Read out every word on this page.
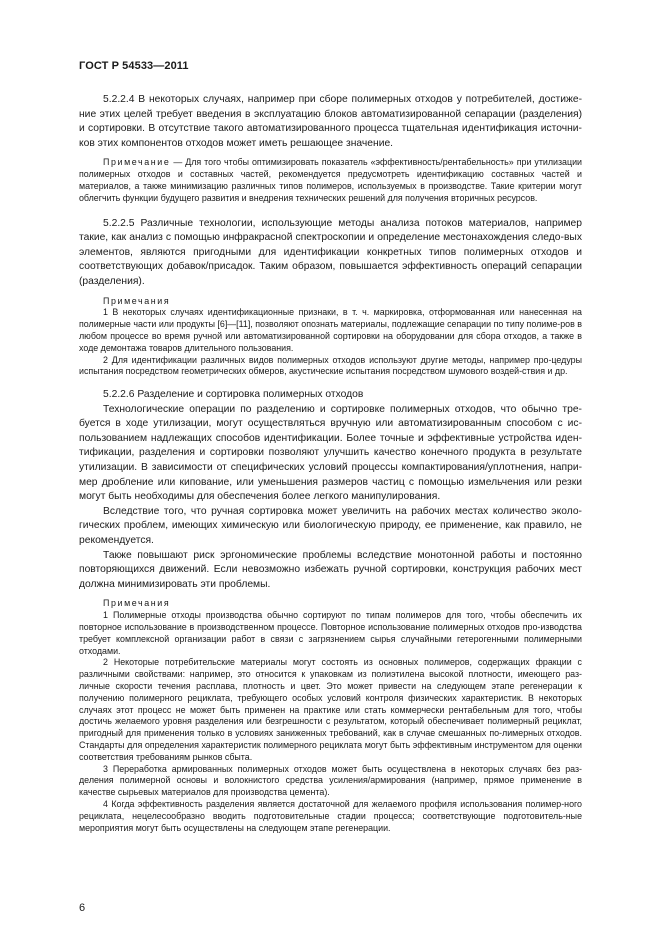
ГОСТ Р 54533—2011

5.2.2.4 В некоторых случаях, например при сборе полимерных отходов у потребителей, достиже-ние этих целей требует введения в эксплуатацию блоков автоматизированной сепарации (разделения) и сортировки. В отсутствие такого автоматизированного процесса тщательная идентификация источни-ков этих компонентов отходов может иметь решающее значение.

Примечание — Для того чтобы оптимизировать показатель «эффективность/рентабельность» при утилизации полимерных отходов и составных частей, рекомендуется предусмотреть идентификацию составных частей и материалов, а также минимизацию различных типов полимеров, используемых в производстве. Такие критерии могут облегчить функции будущего развития и внедрения технических решений для получения вторичных ресурсов.

5.2.2.5 Различные технологии, использующие методы анализа потоков материалов, например такие, как анализ с помощью инфракрасной спектроскопии и определение местонахождения следо-вых элементов, являются пригодными для идентификации конкретных типов полимерных отходов и соответствующих добавок/присадок. Таким образом, повышается эффективность операций сепарации (разделения).

Примечания

1 В некоторых случаях идентификационные признаки, в т. ч. маркировка, отформованная или нанесенная на полимерные части или продукты [6]—[11], позволяют опознать материалы, подлежащие сепарации по типу полиме-ров в любом процессе во время ручной или автоматизированной сортировки на оборудовании для сбора отходов, а также в ходе демонтажа товаров длительного пользования.

2 Для идентификации различных видов полимерных отходов используют другие методы, например про-цедуры испытания посредством геометрических обмеров, акустические испытания посредством шумового воздей-ствия и др.

5.2.2.6 Разделение и сортировка полимерных отходов

Технологические операции по разделению и сортировке полимерных отходов, что обычно тре-буется в ходе утилизации, могут осуществляться вручную или автоматизированным способом с ис-пользованием надлежащих способов идентификации. Более точные и эффективные устройства иден-тификации, разделения и сортировки позволяют улучшить качество конечного продукта в результате утилизации. В зависимости от специфических условий процессы компактирования/уплотнения, напри-мер дробление или кипование, или уменьшения размеров частиц с помощью измельчения или резки могут быть необходимы для обеспечения более легкого манипулирования.

Вследствие того, что ручная сортировка может увеличить на рабочих местах количество эколо-гических проблем, имеющих химическую или биологическую природу, ее применение, как правило, не рекомендуется.

Также повышают риск эргономические проблемы вследствие монотонной работы и постоянно повторяющихся движений. Если невозможно избежать ручной сортировки, конструкция рабочих мест должна минимизировать эти проблемы.

Примечания

1 Полимерные отходы производства обычно сортируют по типам полимеров для того, чтобы обеспечить их повторное использование в производственном процессе. Повторное использование полимерных отходов про-изводства требует комплексной организации работ в связи с загрязнением сырья случайными гетерогенными полимерными отходами.

2 Некоторые потребительские материалы могут состоять из основных полимеров, содержащих фракции с различными свойствами: например, это относится к упаковкам из полиэтилена высокой плотности, имеющего раз-личные скорости течения расплава, плотность и цвет. Это может привести на следующем этапе регенерации к получению полимерного рециклата, требующего особых условий контроля физических характеристик. В некоторых случаях этот процесс не может быть применен на практике или стать коммерчески рентабельным для того, чтобы достичь желаемого уровня разделения или безгрешности с результатом, который обеспечивает полимерный рециклат, пригодный для применения только в условиях заниженных требований, как в случае смешанных по-лимерных отходов. Стандарты для определения характеристик полимерного рециклата могут быть эффективным инструментом для оценки соответствия требованиям рынков сбыта.

3 Переработка армированных полимерных отходов может быть осуществлена в некоторых случаях без раз-деления полимерной основы и волокнистого средства усиления/армирования (например, прямое применение в качестве сырьевых материалов для производства цемента).

4 Когда эффективность разделения является достаточной для желаемого профиля использования полимер-ного рециклата, нецелесообразно вводить подготовительные стадии процесса; соответствующие подготовитель-ные мероприятия могут быть осуществлены на следующем этапе регенерации.

6
